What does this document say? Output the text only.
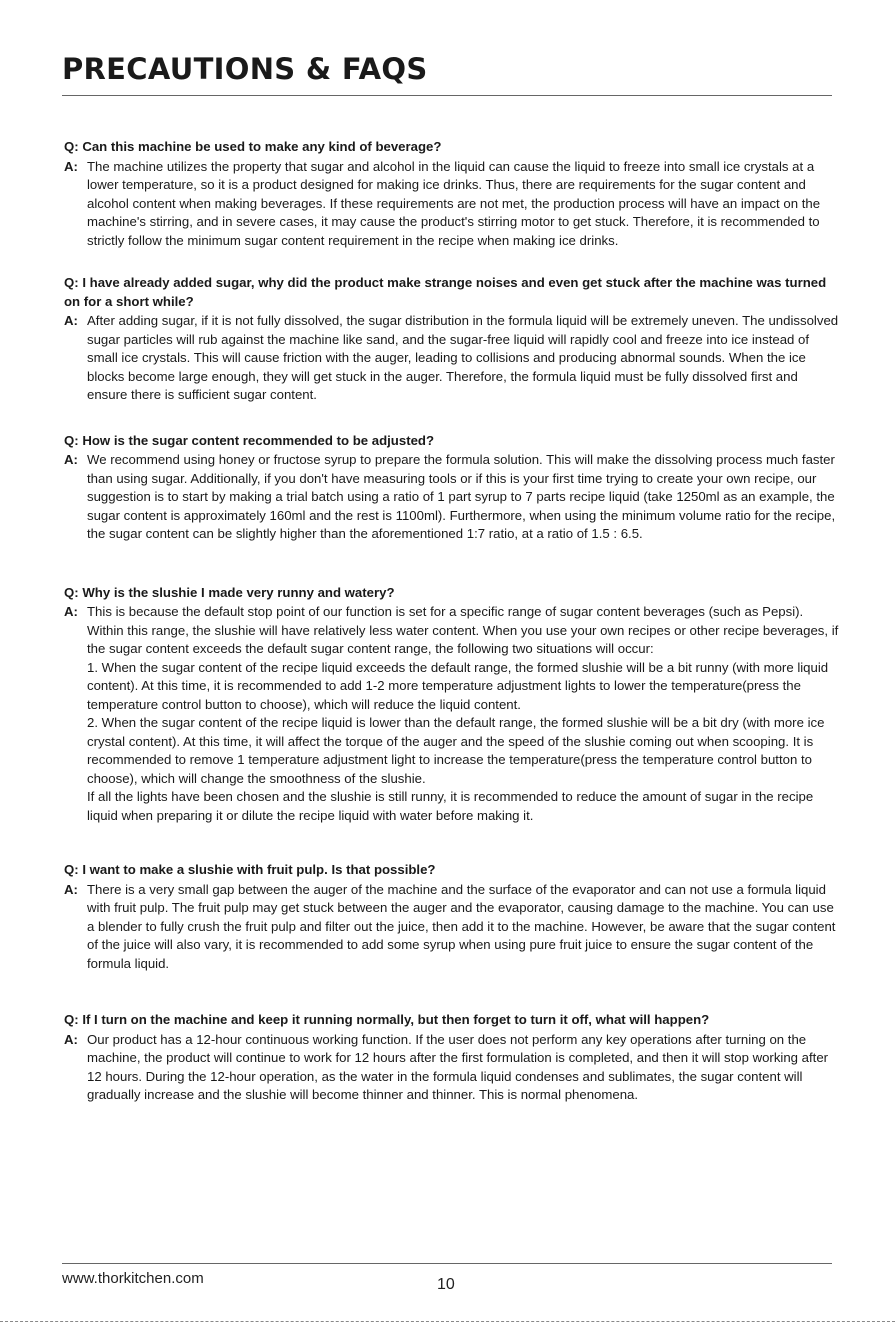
PRECAUTIONS & FAQS

Q: Can this machine be used to make any kind of beverage?

A: The machine utilizes the property that sugar and alcohol in the liquid can cause the liquid to freeze into small ice crystals at a lower temperature, so it is a product designed for making ice drinks. Thus, there are requirements for the sugar content and alcohol content when making beverages. If these requirements are not met, the production process will have an impact on the machine's stirring, and in severe cases, it may cause the product's stirring motor to get stuck. Therefore, it is recommended to strictly follow the minimum sugar content requirement in the recipe when making ice drinks.

Q: I have already added sugar, why did the product make strange noises and even get stuck after the machine was turned on for a short while?

A: After adding sugar, if it is not fully dissolved, the sugar distribution in the formula liquid will be extremely uneven. The undissolved sugar particles will rub against the machine like sand, and the sugar-free liquid will rapidly cool and freeze into ice instead of small ice crystals. This will cause friction with the auger, leading to collisions and producing abnormal sounds. When the ice blocks become large enough, they will get stuck in the auger. Therefore, the formula liquid must be fully dissolved first and ensure there is sufficient sugar content.

Q: How is the sugar content recommended to be adjusted?

A: We recommend using honey or fructose syrup to prepare the formula solution. This will make the dissolving process much faster than using sugar. Additionally, if you don't have measuring tools or if this is your first time trying to create your own recipe, our suggestion is to start by making a trial batch using a ratio of 1 part syrup to 7 parts recipe liquid (take 1250ml as an example, the sugar content is approximately 160ml and the rest is 1100ml). Furthermore, when using the minimum volume ratio for the recipe, the sugar content can be slightly higher than the aforementioned 1:7 ratio, at a ratio of 1.5 : 6.5.

Q: Why is the slushie I made very runny and watery?

A: This is because the default stop point of our function is set for a specific range of sugar content beverages (such as Pepsi). Within this range, the slushie will have relatively less water content. When you use your own recipes or other recipe beverages, if the sugar content exceeds the default sugar content range, the following two situations will occur:
1. When the sugar content of the recipe liquid exceeds the default range, the formed slushie will be a bit runny (with more liquid content). At this time, it is recommended to add 1-2 more temperature adjustment lights to lower the temperature(press the temperature control button to choose), which will reduce the liquid content.
2. When the sugar content of the recipe liquid is lower than the default range, the formed slushie will be a bit dry (with more ice crystal content). At this time, it will affect the torque of the auger and the speed of the slushie coming out when scooping. It is recommended to remove 1 temperature adjustment light to increase the temperature(press the temperature control button to choose), which will change the smoothness of the slushie.
If all the lights have been chosen and the slushie is still runny, it is recommended to reduce the amount of sugar in the recipe liquid when preparing it or dilute the recipe liquid with water before making it.

Q: I want to make a slushie with fruit pulp. Is that possible?

A: There is a very small gap between the auger of the machine and the surface of the evaporator and can not use a formula liquid with fruit pulp. The fruit pulp may get stuck between the auger and the evaporator, causing damage to the machine. You can use a blender to fully crush the fruit pulp and filter out the juice, then add it to the machine. However, be aware that the sugar content of the juice will also vary, it is recommended to add some syrup when using pure fruit juice to ensure the sugar content of the formula liquid.

Q: If I turn on the machine and keep it running normally, but then forget to turn it off, what will happen?

A: Our product has a 12-hour continuous working function. If the user does not perform any key operations after turning on the machine, the product will continue to work for 12 hours after the first formulation is completed, and then it will stop working after 12 hours. During the 12-hour operation, as the water in the formula liquid condenses and sublimates, the sugar content will gradually increase and the slushie will become thinner and thinner. This is normal phenomena.

www.thorkitchen.com	10
